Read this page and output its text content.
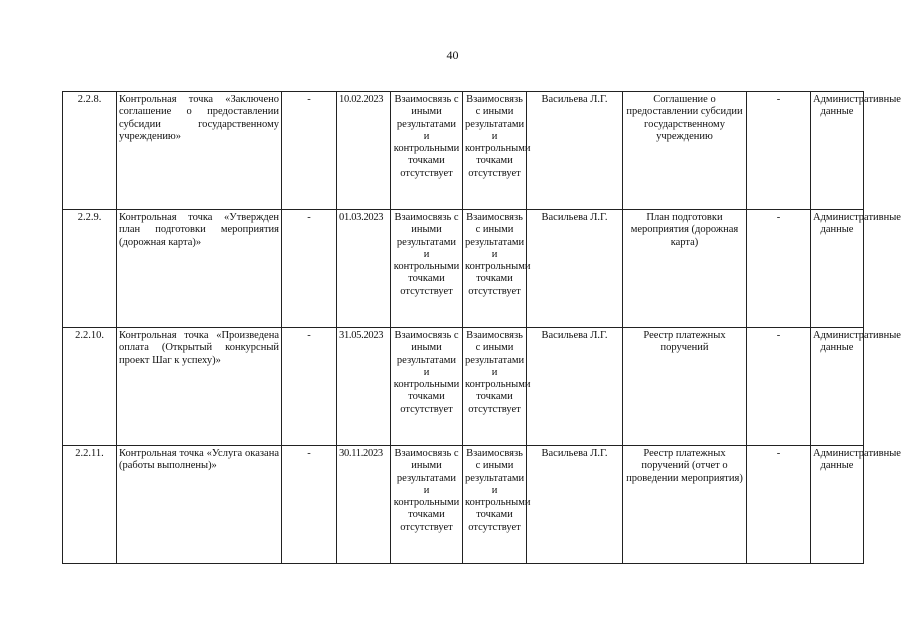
40
2.2.8.	Контрольная точка «Заключено соглашение о предоставлении субсидии государственному учреждению»	-	10.02.2023	Взаимосвязь с иными результатами и контрольными точками отсутствует	Взаимосвязь с иными результатами и контрольными точками отсутствует	Васильева Л.Г.	Соглашение о предоставлении субсидии государственному учреждению	-	Административные данные
2.2.9.	Контрольная точка «Утвержден план подготовки мероприятия (дорожная карта)»	-	01.03.2023	Взаимосвязь с иными результатами и контрольными точками отсутствует	Взаимосвязь с иными результатами и контрольными точками отсутствует	Васильева Л.Г.	План подготовки мероприятия (дорожная карта)	-	Административные данные
2.2.10.	Контрольная точка «Произведена оплата (Открытый конкурсный проект Шаг к успеху)»	-	31.05.2023	Взаимосвязь с иными результатами и контрольными точками отсутствует	Взаимосвязь с иными результатами и контрольными точками отсутствует	Васильева Л.Г.	Реестр платежных поручений	-	Административные данные
2.2.11.	Контрольная точка «Услуга оказана (работы выполнены)»	-	30.11.2023	Взаимосвязь с иными результатами и контрольными точками отсутствует	Взаимосвязь с иными результатами и контрольными точками отсутствует	Васильева Л.Г.	Реестр платежных поручений (отчет о проведении мероприятия)	-	Административные данные
